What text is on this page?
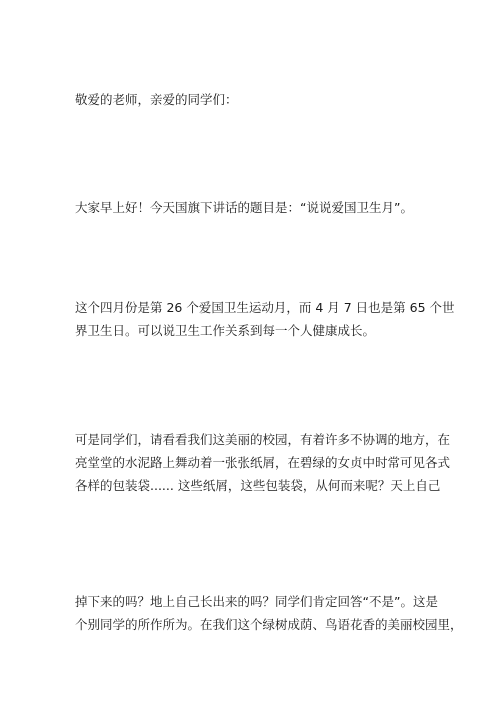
敬爱的老师，亲爱的同学们：

大家早上好！今天国旗下讲话的题目是：“说说爱国卫生月”。

这个四月份是第 26 个爱国卫生运动月，而 4 月 7 日也是第 65 个世
界卫生日。可以说卫生工作关系到每一个人健康成长。

可是同学们，请看看我们这美丽的校园，有着许多不协调的地方，在
亮堂堂的水泥路上舞动着一张张纸屑，在碧绿的女贞中时常可见各式
各样的包装袋...... 这些纸屑，这些包装袋，从何而来呢？天上自己

掉下来的吗？地上自己长出来的吗？同学们肯定回答“不是”。这是
个别同学的所作所为。在我们这个绿树成荫、鸟语花香的美丽校园里，
